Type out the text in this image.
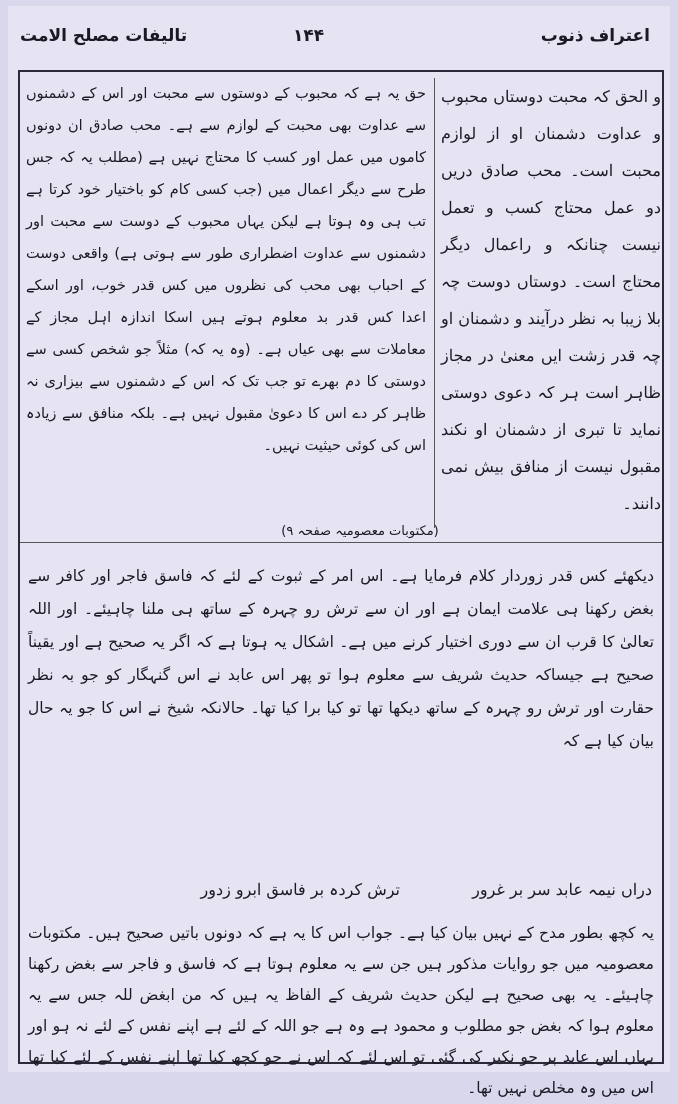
اعتراف ذنوب
۱۴۴
تالیفات مصلح الامت

و الحق کہ محبت دوستاں محبوب و عداوت دشمنان او از لوازم محبت است۔ محب صادق دریں دو عمل محتاج کسب و تعمل نیست چنانکہ و راعمال دیگر محتاج است۔ دوستاں دوست چہ بلا زیبا بہ نظر درآیند و دشمنان او چہ قدر زشت ایں معنیٰ در مجاز ظاہر است ہر کہ دعوی دوستی نماید تا تبری از دشمنان او نکند مقبول نیست از منافق بیش نمی دانند۔

حق یہ ہے کہ محبوب کے دوستوں سے محبت اور اس کے دشمنوں سے عداوت بھی محبت کے لوازم سے ہے۔ محب صادق ان دونوں کاموں میں عمل اور کسب کا محتاج نہیں ہے (مطلب یہ کہ جس طرح سے دیگر اعمال میں (جب کسی کام کو باختیار خود کرتا ہے تب ہی وہ ہوتا ہے لیکن یہاں محبوب کے دوست سے محبت اور دشمنوں سے عداوت اضطراری طور سے ہوتی ہے) واقعی دوست کے احباب بھی محب کی نظروں میں کس قدر خوب، اور اسکے اعدا کس قدر بد معلوم ہوتے ہیں اسکا اندازہ اہل مجاز کے معاملات سے بھی عیاں ہے۔ (وہ یہ کہ) مثلاً جو شخص کسی سے دوستی کا دم بھرے تو جب تک کہ اس کے دشمنوں سے بیزاری نہ ظاہر کر دے اس کا دعویٰ مقبول نہیں ہے۔ بلکہ منافق سے زیادہ اس کی کوئی حیثیت نہیں۔

(مکتوبات معصومیہ صفحہ ۹)

دیکھئے کس قدر زوردار کلام فرمایا ہے۔ اس امر کے ثبوت کے لئے کہ فاسق فاجر اور کافر سے بغض رکھنا ہی علامت ایمان ہے اور ان سے ترش رو چہرہ کے ساتھ ہی ملنا چاہیئے۔ اور اللہ تعالیٰ کا قرب ان سے دوری اختیار کرنے میں ہے۔ اشکال یہ ہوتا ہے کہ اگر یہ صحیح ہے اور یقیناً صحیح ہے جیساکہ حدیث شریف سے معلوم ہوا تو پھر اس عابد نے اس گنہگار کو جو بہ نظر حقارت اور ترش رو چہرہ کے ساتھ دیکھا تھا تو کیا برا کیا تھا۔ حالانکہ شیخ نے اس کا جو یہ حال بیان کیا ہے کہ

دراں نیمہ عابد سر بر غرور

ترش کردہ بر فاسق ابرو زدور

یہ کچھ بطور مدح کے نہیں بیان کیا ہے۔ جواب اس کا یہ ہے کہ دونوں باتیں صحیح ہیں۔ مکتوبات معصومیہ میں جو روایات مذکور ہیں جن سے یہ معلوم ہوتا ہے کہ فاسق و فاجر سے بغض رکھنا چاہیئے۔ یہ بھی صحیح ہے لیکن حدیث شریف کے الفاظ یہ ہیں کہ من ابغض للہ جس سے یہ معلوم ہوا کہ بغض جو مطلوب و محمود ہے وہ ہے جو اللہ کے لئے ہے اپنے نفس کے لئے نہ ہو اور یہاں اس عابد پر جو نکیر کی گئی تو اس لئے کہ اس نے جو کچھ کیا تھا اپنے نفس کے لئے کیا تھا اس میں وہ مخلص نہیں تھا۔
